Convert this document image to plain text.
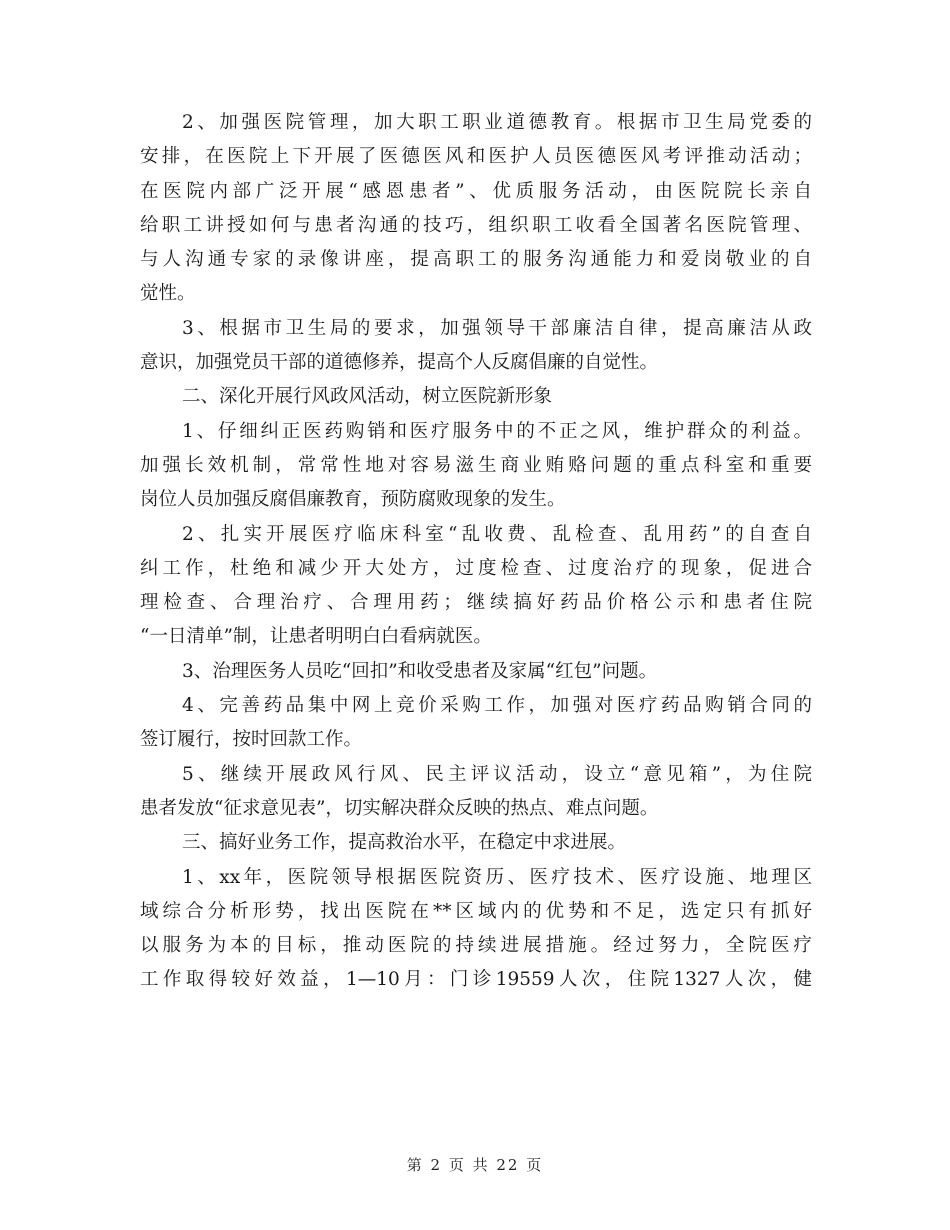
2、加强医院管理，加大职工职业道德教育。根据市卫生局党委的
安排，在医院上下开展了医德医风和医护人员医德医风考评推动活动；
在医院内部广泛开展“感恩患者”、优质服务活动，由医院院长亲自
给职工讲授如何与患者沟通的技巧，组织职工收看全国著名医院管理、
与人沟通专家的录像讲座，提高职工的服务沟通能力和爱岗敬业的自
觉性。
3、根据市卫生局的要求，加强领导干部廉洁自律，提高廉洁从政
意识，加强党员干部的道德修养，提高个人反腐倡廉的自觉性。
二、深化开展行风政风活动，树立医院新形象
1、仔细纠正医药购销和医疗服务中的不正之风，维护群众的利益。
加强长效机制，常常性地对容易滋生商业贿赂问题的重点科室和重要
岗位人员加强反腐倡廉教育，预防腐败现象的发生。
2、扎实开展医疗临床科室“乱收费、乱检查、乱用药”的自查自
纠工作，杜绝和减少开大处方，过度检查、过度治疗的现象，促进合
理检查、合理治疗、合理用药；继续搞好药品价格公示和患者住院
“一日清单”制，让患者明明白白看病就医。
3、治理医务人员吃“回扣”和收受患者及家属“红包”问题。
4、完善药品集中网上竞价采购工作，加强对医疗药品购销合同的
签订履行，按时回款工作。
5、继续开展政风行风、民主评议活动，设立“意见箱”，为住院
患者发放“征求意见表”，切实解决群众反映的热点、难点问题。
三、搞好业务工作，提高救治水平，在稳定中求进展。
1、xx年，医院领导根据医院资历、医疗技术、医疗设施、地理区
域综合分析形势，找出医院在**区域内的优势和不足，选定只有抓好
以服务为本的目标，推动医院的持续进展措施。经过努力，全院医疗
工作取得较好效益，1—10月：门诊19559人次，住院1327人次，健
第 2 页 共 22 页
